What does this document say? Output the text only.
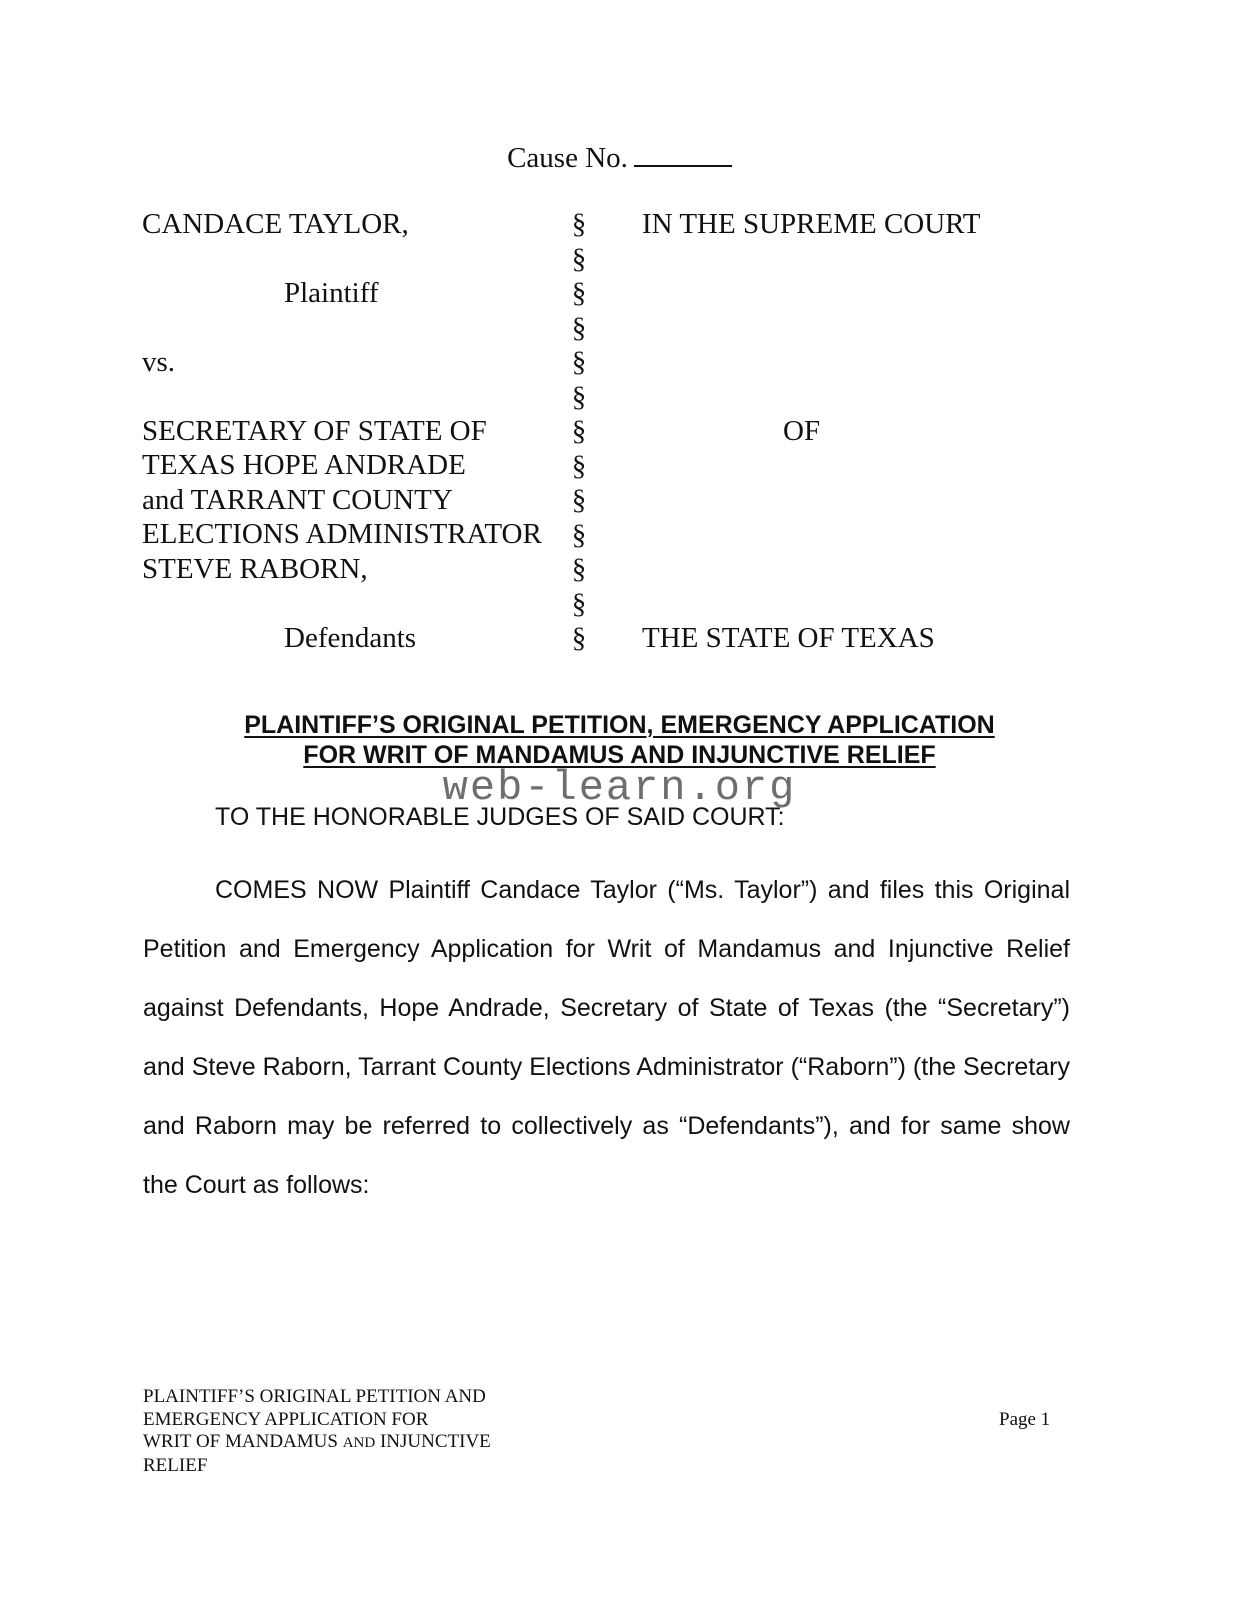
Cause No.
CANDACE TAYLOR,
Plaintiff
vs.
SECRETARY OF STATE OF
TEXAS HOPE ANDRADE
and TARRANT COUNTY
ELECTIONS ADMINISTRATOR
STEVE RABORN,
Defendants
§
§
§
§
§
§
§
§
§
§
§
§
§
IN THE SUPREME COURT
OF
THE STATE OF TEXAS
PLAINTIFF’S ORIGINAL PETITION, EMERGENCY APPLICATION
FOR WRIT OF MANDAMUS AND INJUNCTIVE RELIEF
web-learn.org
TO THE HONORABLE JUDGES OF SAID COURT:
COMES NOW Plaintiff Candace Taylor (“Ms. Taylor”) and files this Original Petition and Emergency Application for Writ of Mandamus and Injunctive Relief against Defendants, Hope Andrade, Secretary of State of Texas (the “Secretary”) and Steve Raborn, Tarrant County Elections Administrator (“Raborn”) (the Secretary and Raborn may be referred to collectively as “Defendants”), and for same show the Court as follows:
PLAINTIFF’S ORIGINAL PETITION AND
EMERGENCY APPLICATION FOR
WRIT OF MANDAMUS AND INJUNCTIVE
RELIEF
Page 1
